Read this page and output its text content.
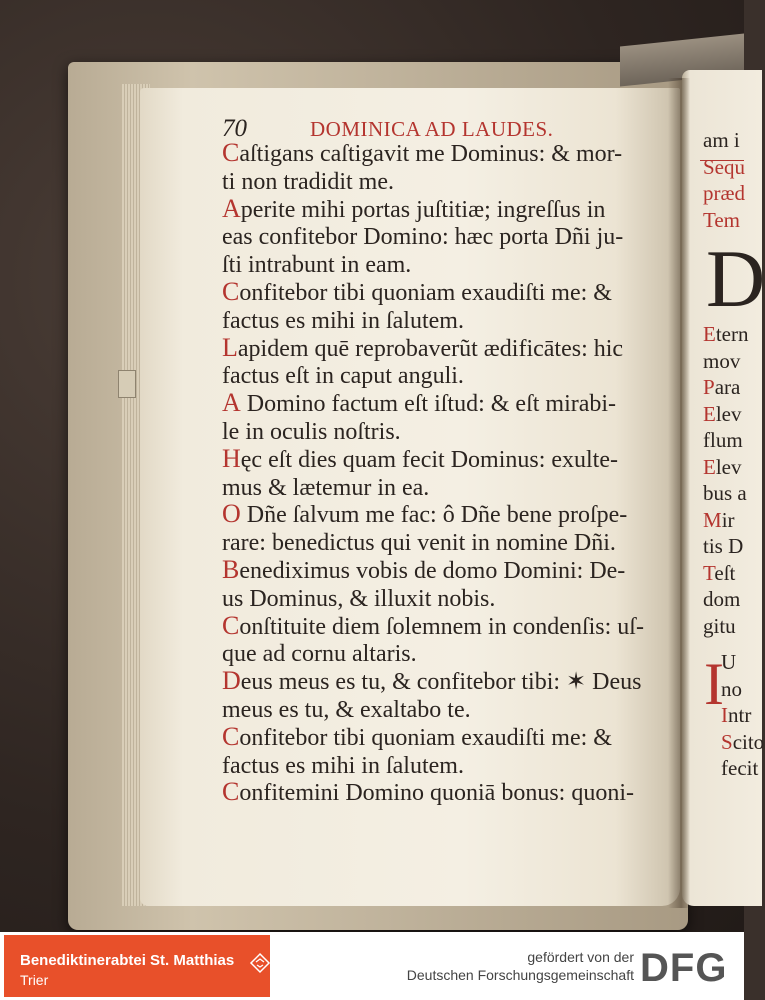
70	DOMINICA AD LAUDES.
Caſtigans caſtigavit me Dominus: & mor-
ti non tradidit me.
Aperite mihi portas juſtitiæ; ingreſſus in
eas confitebor Domino: hæc porta Dñi ju-
ſti intrabunt in eam.
Confitebor tibi quoniam exaudiſti me: &
factus es mihi in ſalutem.
Lapidem quē reprobaverũt ædificātes: hic
factus eſt in caput anguli.
A Domino factum eſt iſtud: & eſt mirabi-
le in oculis noſtris.
Hęc eſt dies quam fecit Dominus: exulte-
mus & lætemur in ea.
O Dñe ſalvum me fac: ô Dñe bene proſpe-
rare: benedictus qui venit in nomine Dñi.
Benediximus vobis de domo Domini: De-
us Dominus, & illuxit nobis.
Conſtituite diem ſolemnem in condenſis: uſ-
que ad cornu altaris.
Deus meus es tu, & confitebor tibi: ✶ Deus
meus es tu, & exaltabo te.
Confitebor tibi quoniam exaudiſti me: &
factus es mihi in ſalutem.
Confitemini Domino quoniā bonus: quoni-
am i
Sequ
præd
Tem
Etern
mov
Para
Elev
flum
Elev
bus a
Mir
tis D
Teſt
dom
gitu
U
no
Intr
Scito
fecit
D
I
Benediktinerabtei St. Matthias
Trier
gefördert von der
Deutschen Forschungsgemeinschaft DFG
